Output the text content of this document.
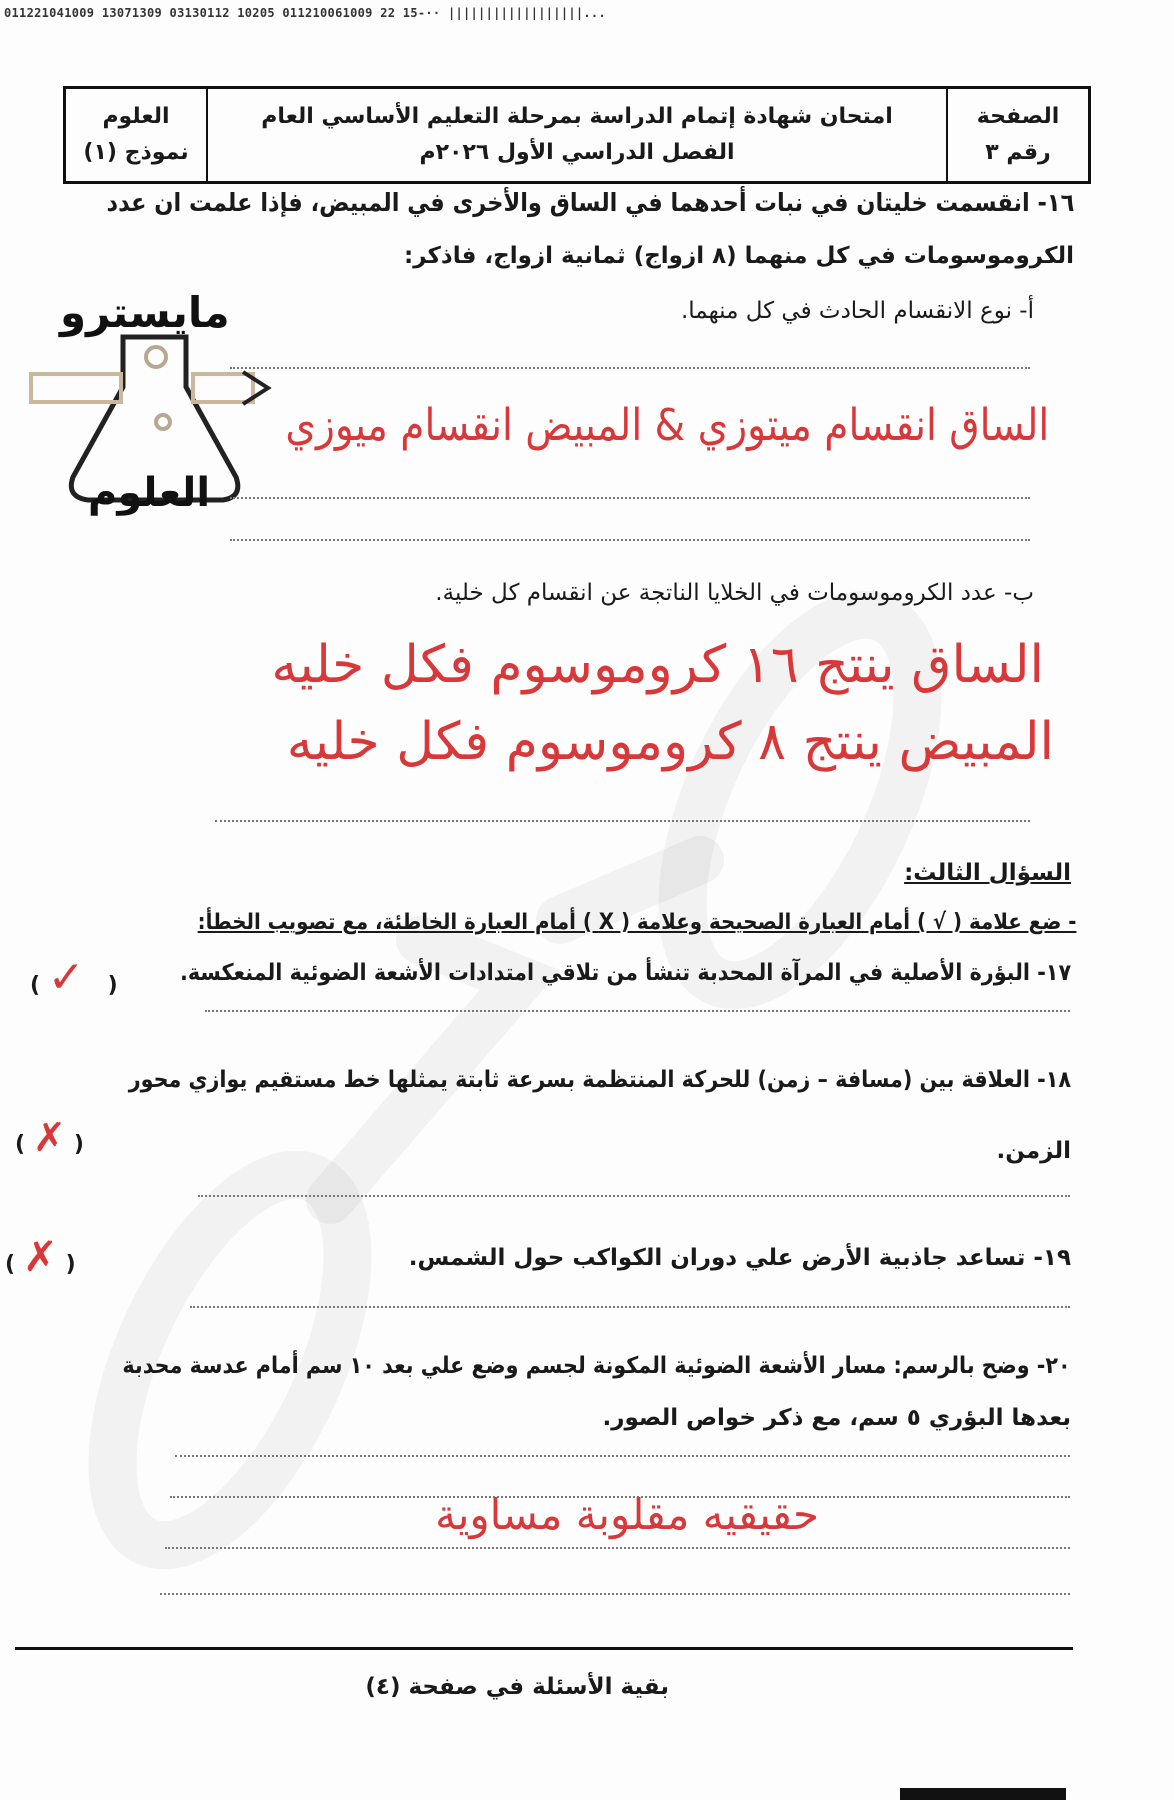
011221041009 13071309 03130112 10205 011210061009 22 15-·· ||||||||||||||||||...
الصفحة
رقم ٣
امتحان شهادة إتمام الدراسة بمرحلة التعليم الأساسي العام
الفصل الدراسي الأول ٢٠٢٦م
العلوم
نموذج (١)
١٦- انقسمت خليتان في نبات أحدهما في الساق والأخرى في المبيض، فإذا علمت ان عدد
الكروموسومات في كل منهما (٨ ازواج) ثمانية ازواج، فاذكر:
أ- نوع الانقسام الحادث في كل منهما.
مايسترو
العلوم
الساق انقسام ميتوزي & المبيض انقسام ميوزي
ب- عدد الكروموسومات في الخلايا الناتجة عن انقسام كل خلية.
الساق ينتج ١٦ كروموسوم فكل خليه
المبيض ينتج ٨ كروموسوم فكل خليه
السؤال الثالث:
- ضع علامة ( √ ) أمام العبارة الصحيحة وعلامة ( X ) أمام العبارة الخاطئة، مع تصويب الخطأ:
١٧- البؤرة الأصلية في المرآة المحدبة تنشأ من تلاقي امتدادات الأشعة الضوئية المنعكسة.
( ✓   )
١٨- العلاقة بين (مسافة – زمن) للحركة المنتظمة بسرعة ثابتة يمثلها خط مستقيم يوازي محور
( ✗ )	الزمن.
( ✗ )	١٩- تساعد جاذبية الأرض علي دوران الكواكب حول الشمس.
٢٠- وضح بالرسم: مسار الأشعة الضوئية المكونة لجسم وضع علي بعد ١٠ سم أمام عدسة محدبة
بعدها البؤري ٥ سم، مع ذكر خواص الصور.
حقيقيه مقلوبة مساوية
بقية الأسئلة في صفحة (٤)
